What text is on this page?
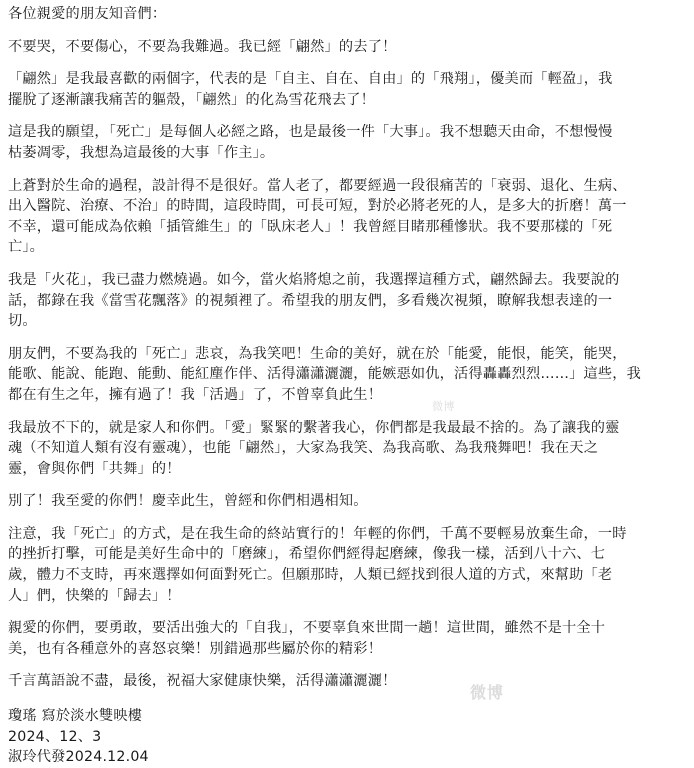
各位親愛的朋友知音們：
不要哭，不要傷心，不要為我難過。我已經「翩然」的去了！
「翩然」是我最喜歡的兩個字，代表的是「自主、自在、自由」的「飛翔」，優美而「輕盈」，我
擺脫了逐漸讓我痛苦的軀殼，「翩然」的化為雪花飛去了！
這是我的願望，「死亡」是每個人必經之路，也是最後一件「大事」。我不想聽天由命，不想慢慢
枯萎凋零，我想為這最後的大事「作主」。
上蒼對於生命的過程，設計得不是很好。當人老了，都要經過一段很痛苦的「衰弱、退化、生病、
出入醫院、治療、不治」的時間，這段時間，可長可短，對於必將老死的人，是多大的折磨！萬一
不幸，還可能成為依賴「插管維生」的「臥床老人」！我曾經目睹那種慘狀。我不要那樣的「死
亡」。
我是「火花」，我已盡力燃燒過。如今，當火焰將熄之前，我選擇這種方式，翩然歸去。我要說的
話，都錄在我《當雪花飄落》的視頻裡了。希望我的朋友們，多看幾次視頻，瞭解我想表達的一
切。
朋友們，不要為我的「死亡」悲哀，為我笑吧！生命的美好，就在於「能愛，能恨，能笑，能哭，
能歌、能說、能跑、能動、能紅塵作伴、活得瀟瀟灑灑，能嫉惡如仇，活得轟轟烈烈……」這些，我
都在有生之年，擁有過了！我「活過」了，不曾辜負此生！
我最放不下的，就是家人和你們。「愛」緊緊的繫著我心，你們都是我最最不捨的。為了讓我的靈
魂（不知道人類有沒有靈魂），也能「翩然」，大家為我笑、為我高歌、為我飛舞吧！我在天之
靈，會與你們「共舞」的！
別了！我至愛的你們！慶幸此生，曾經和你們相遇相知。
注意，我「死亡」的方式，是在我生命的終站實行的！年輕的你們，千萬不要輕易放棄生命，一時
的挫折打擊，可能是美好生命中的「磨練」，希望你們經得起磨練，像我一樣，活到八十六、七
歲，體力不支時，再來選擇如何面對死亡。但願那時，人類已經找到很人道的方式，來幫助「老
人」們，快樂的「歸去」！
親愛的你們，要勇敢，要活出強大的「自我」，不要辜負來世間一趟！這世間，雖然不是十全十
美，也有各種意外的喜怒哀樂！別錯過那些屬於你的精彩！
千言萬語說不盡，最後，祝福大家健康快樂，活得瀟瀟灑灑！
瓊瑤 寫於淡水雙映樓
2024、12、3
淑玲代發2024.12.04
微博
微博
